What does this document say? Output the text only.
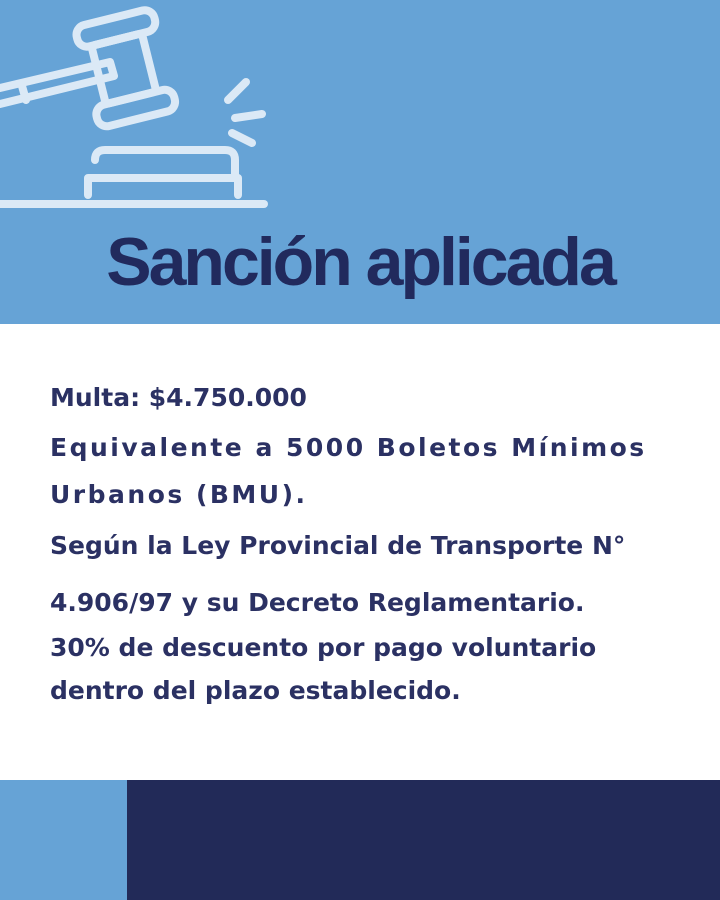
Sanción aplicada

Multa: $4.750.000

Equivalente a 5000 Boletos Mínimos

Urbanos (BMU).

Según la Ley Provincial de Transporte N°

4.906/97 y su Decreto Reglamentario.

30% de descuento por pago voluntario

dentro del plazo establecido.
